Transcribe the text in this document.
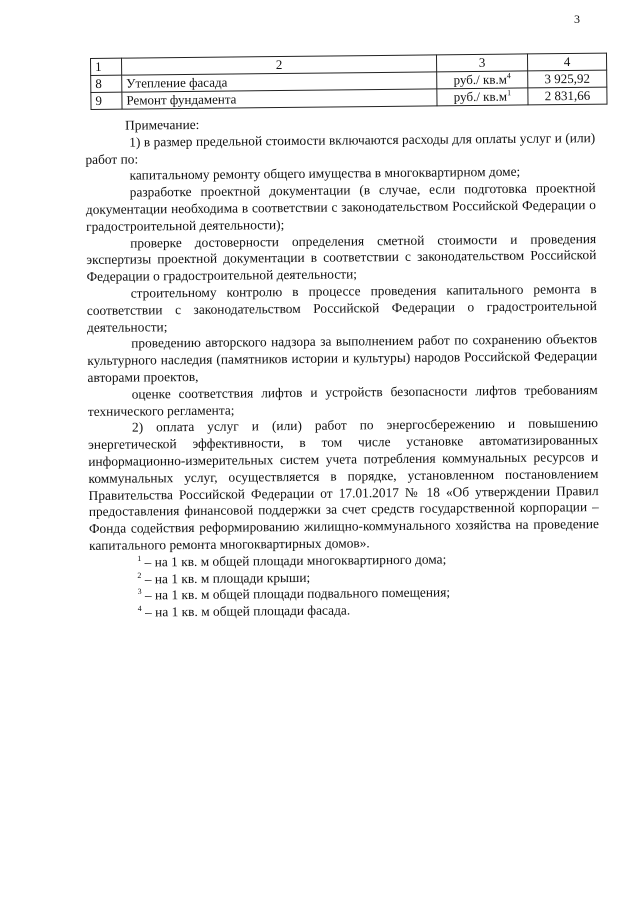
3
1	2	3	4
8	Утепление фасада	руб./ $кв.м^4$	3 925,92
9	Ремонт фундамента	руб./ $кв.м^1$	2 831,66

Примечание:

1) в размер предельной стоимости включаются расходы для оплаты услуг и (или) работ по:

капитальному ремонту общего имущества в многоквартирном доме;

разработке проектной документации (в случае, если подготовка проектной документации необходима в соответствии с законодательством Российской Федерации о градостроительной деятельности);

проверке достоверности определения сметной стоимости и проведения экспертизы проектной документации в соответствии с законодательством Российской Федерации о градостроительной деятельности;

строительному контролю в процессе проведения капитального ремонта в соответствии с законодательством Российской Федерации о градостроительной деятельности;

проведению авторского надзора за выполнением работ по сохранению объектов культурного наследия (памятников истории и культуры) народов Российской Федерации авторами проектов,

оценке соответствия лифтов и устройств безопасности лифтов требованиям технического регламента;

2) оплата услуг и (или) работ по энергосбережению и повышению энергетической эффективности, в том числе установке автоматизированных информационно-измерительных систем учета потребления коммунальных ресурсов и коммунальных услуг, осуществляется в порядке, установленном постановлением Правительства Российской Федерации от 17.01.2017 № 18 «Об утверждении Правил предоставления финансовой поддержки за счет средств государственной корпорации – Фонда содействия реформированию жилищно-коммунального хозяйства на проведение капитального ремонта многоквартирных домов».

$^1$ – на 1 кв. м общей площади многоквартирного дома;

$^2$ – на 1 кв. м площади крыши;

$^3$ – на 1 кв. м общей площади подвального помещения;

$^4$ – на 1 кв. м общей площади фасада.
